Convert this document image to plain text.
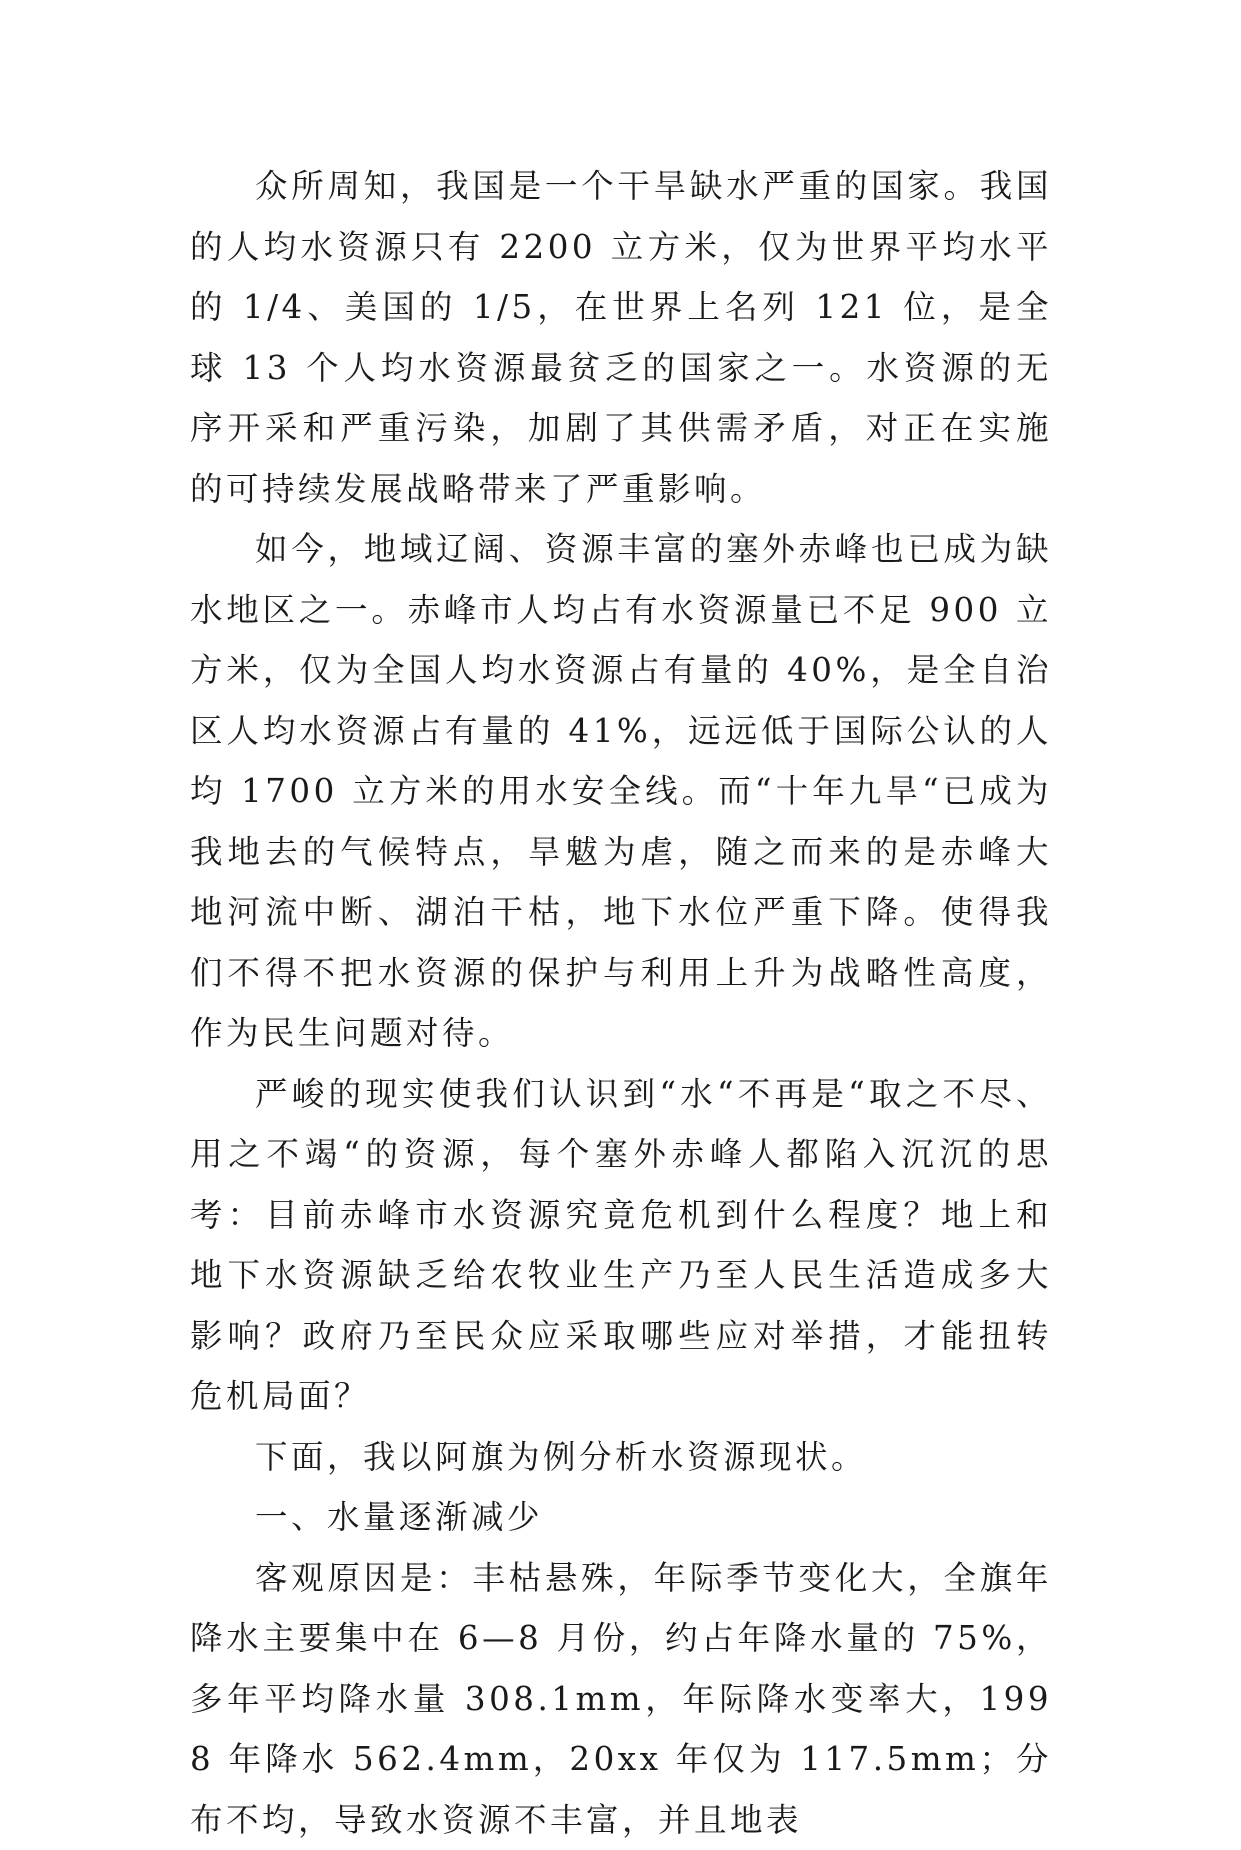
众所周知，我国是一个干旱缺水严重的国家。我国的人均水资源只有 2200 立方米，仅为世界平均水平的 1/4、美国的 1/5，在世界上名列 121 位，是全球 13 个人均水资源最贫乏的国家之一。水资源的无序开采和严重污染，加剧了其供需矛盾，对正在实施的可持续发展战略带来了严重影响。

如今，地域辽阔、资源丰富的塞外赤峰也已成为缺水地区之一。赤峰市人均占有水资源量已不足 900 立方米，仅为全国人均水资源占有量的 40%，是全自治区人均水资源占有量的 41%，远远低于国际公认的人均 1700 立方米的用水安全线。而“十年九旱“已成为我地去的气候特点，旱魃为虐，随之而来的是赤峰大地河流中断、湖泊干枯，地下水位严重下降。使得我们不得不把水资源的保护与利用上升为战略性高度，作为民生问题对待。

严峻的现实使我们认识到“水“不再是“取之不尽、用之不竭“的资源，每个塞外赤峰人都陷入沉沉的思考：目前赤峰市水资源究竟危机到什么程度？地上和地下水资源缺乏给农牧业生产乃至人民生活造成多大影响？政府乃至民众应采取哪些应对举措，才能扭转危机局面？

下面，我以阿旗为例分析水资源现状。

一、水量逐渐减少

客观原因是：丰枯悬殊，年际季节变化大，全旗年降水主要集中在 6—8 月份，约占年降水量的 75%，多年平均降水量 308.1mm，年际降水变率大，1998 年降水 562.4mm，20xx 年仅为 117.5mm；分布不均，导致水资源不丰富，并且地表
